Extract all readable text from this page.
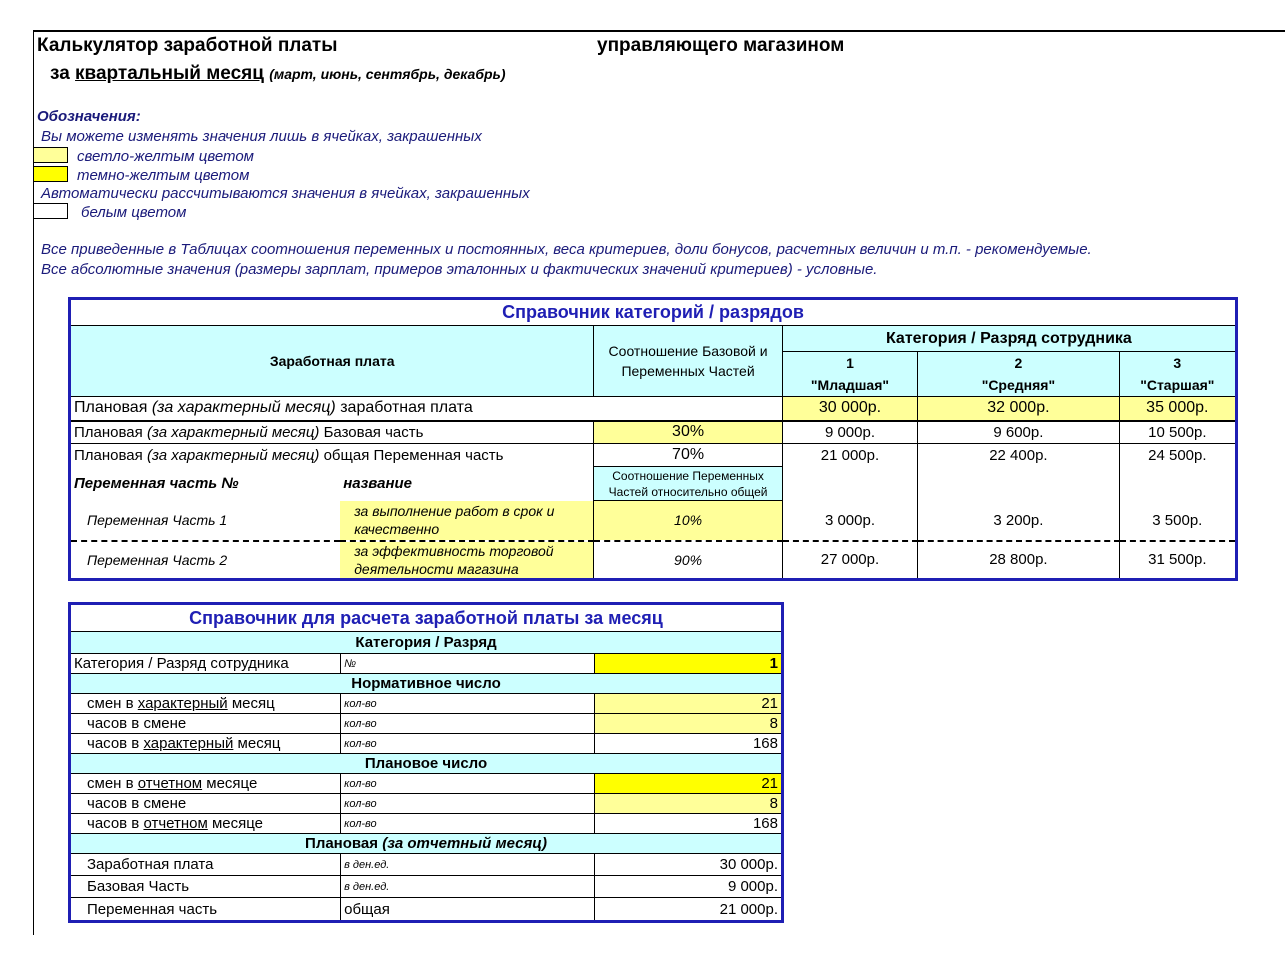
Калькулятор заработной платы	управляющего магазином
за квартальный месяц (март, июнь, сентябрь, декабрь)
Обозначения:
Вы можете изменять значения лишь в ячейках, закрашенных
светло-желтым цветом
темно-желтым цветом
Автоматически рассчитываются значения в ячейках, закрашенных
белым цветом
Все приведенные в Таблицах соотношения переменных и постоянных, веса критериев, доли бонусов, расчетных величин и т.п. - рекомендуемые.
Все абсолютные значения (размеры зарплат, примеров эталонных и фактических значений критериев) - условные.
Справочник категорий / разрядов					
Заработная плата		Соотношение Базовой и Переменных Частей	Категория / Разряд сотрудника		
			1	2	3
			"Младшая"	"Средняя"	"Старшая"
Плановая (за характерный месяц) заработная плата			30 000р.	32 000р.	35 000р.
Плановая (за характерный месяц) Базовая часть		30%	9 000р.	9 600р.	10 500р.
Плановая (за характерный месяц) общая Переменная часть		70%	21 000р.	22 400р.	24 500р.
Переменная часть №	название	Соотношение Переменных Частей относительно общей			
Переменная Часть 1	за выполнение работ в срок и качественно	10%	3 000р.	3 200р.	3 500р.
Переменная Часть 2	за эффективность торговой деятельности магазина	90%	27 000р.	28 800р.	31 500р.
Справочник для расчета заработной платы за месяц		
Категория / Разряд		
Категория / Разряд сотрудника	№	1
Нормативное число		
смен в характерный месяц	кол-во	21
часов в смене	кол-во	8
часов в характерный месяц	кол-во	168
Плановое число		
смен в отчетном месяце	кол-во	21
часов в смене	кол-во	8
часов в отчетном месяце	кол-во	168
Плановая (за отчетный месяц)		
Заработная плата	в ден.ед.	30 000р.
Базовая Часть	в ден.ед.	9 000р.
Переменная часть	общая	21 000р.
